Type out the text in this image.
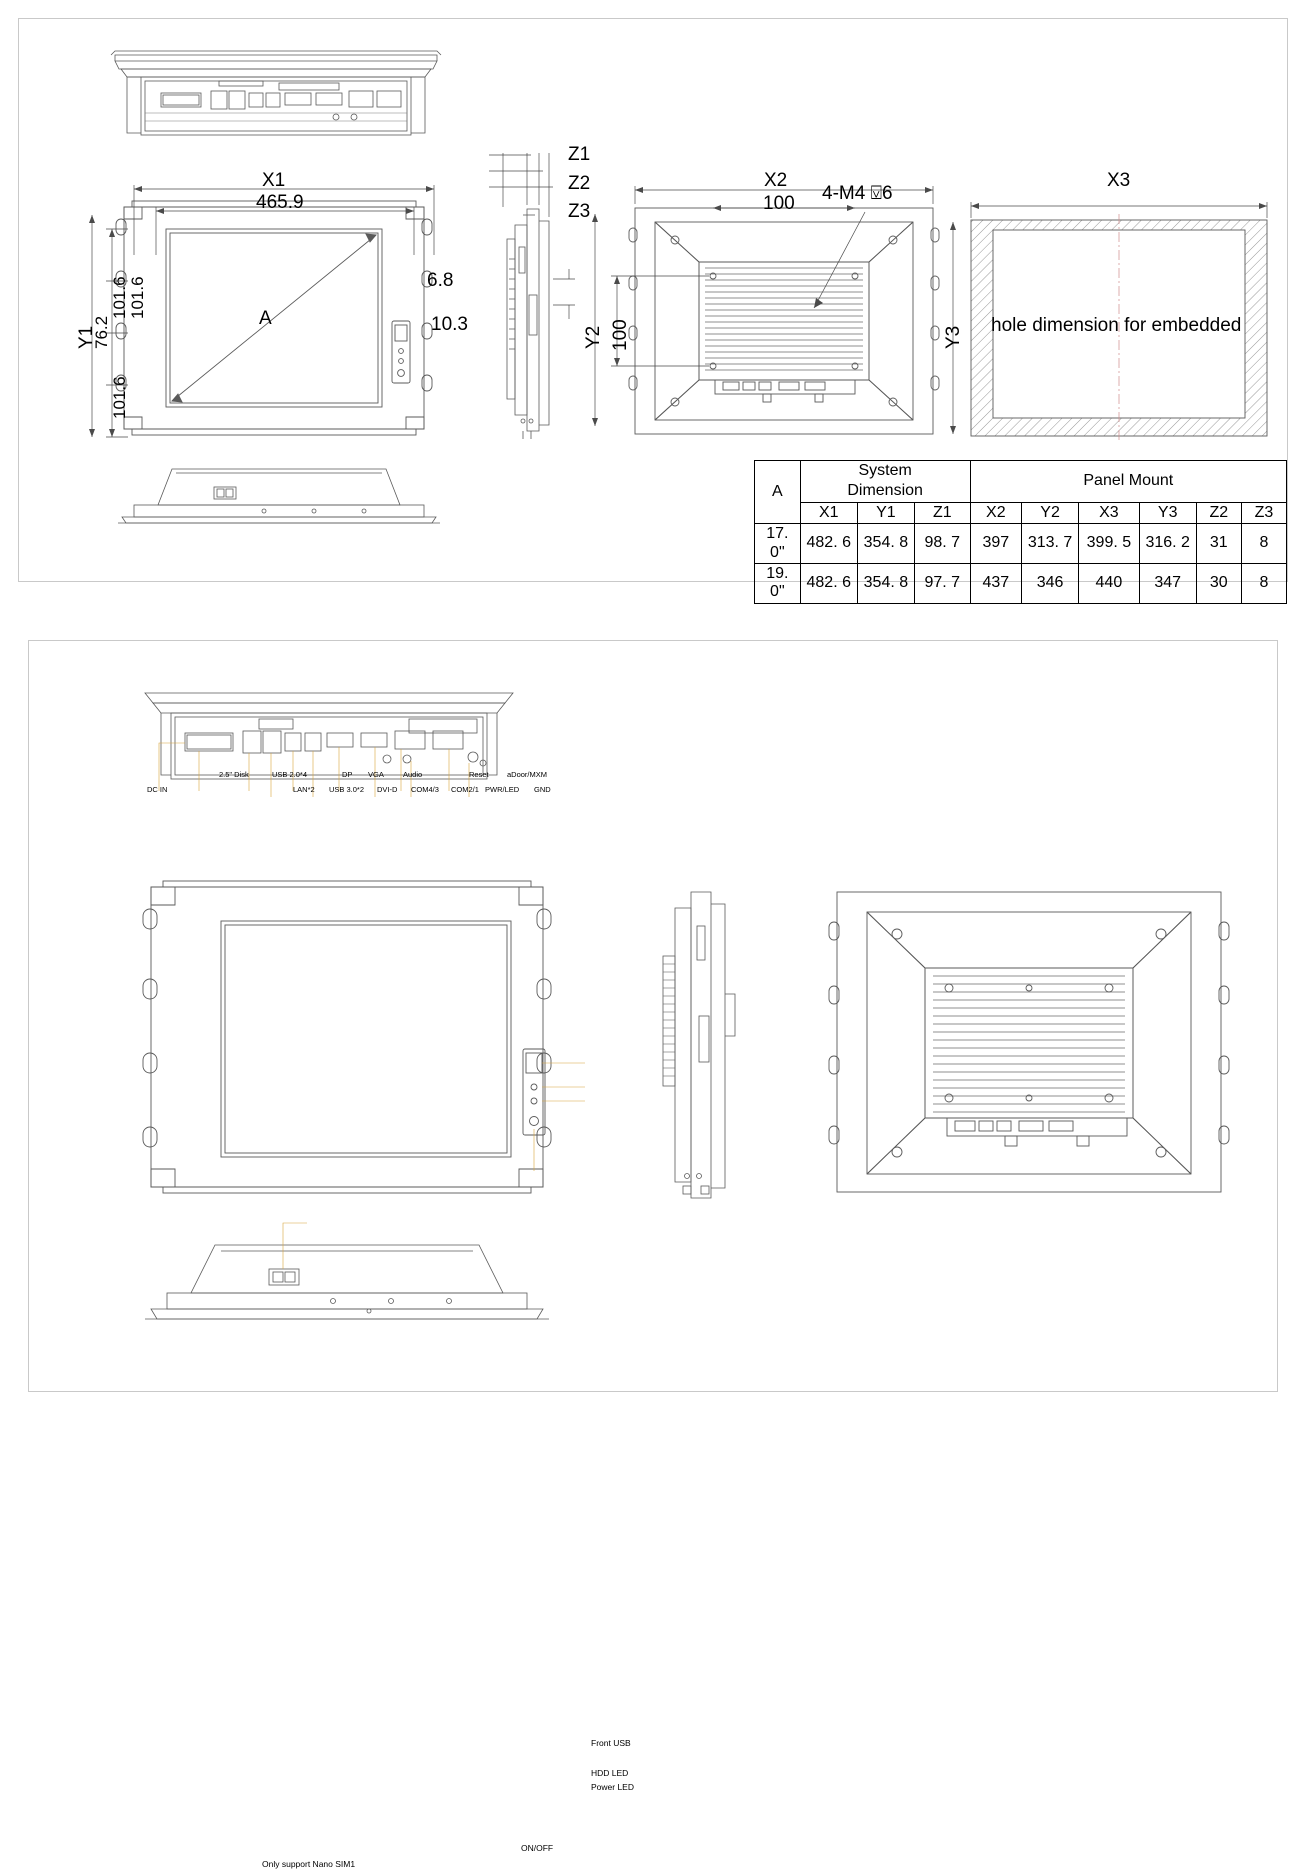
X1
465.9
Y1
101.6
76.2
101.6
101.6
A
Z1
Z2
Z3
6.8
10.3
X2
100
Y2 100
4-M4 ⍌6
X3
Y3
hole dimension for embedded
A	System			Panel Mount					
	Dimension								
	X1	Y1	Z1	X2	Y2	X3	Y3	Z2	Z3
17. 0"	482. 6	354. 8	98. 7	397	313. 7	399. 5	316. 2	31	8
19. 0"	482. 6	354. 8	97. 7	437	346	440	347	30	8
2.5" Disk	USB 2.0*4	DP VGA	Audio	Reset aDoor/MXM
DC IN	LAN*2 USB 3.0*2 DVI-D COM4/3 COM2/1 PWR/LED GND
Front USB
HDD LED
Power LED
ON/OFF
Only support Nano SIM1
